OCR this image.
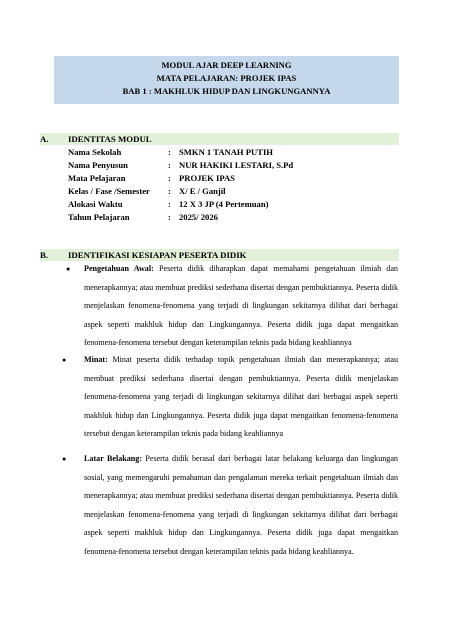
MODUL AJAR DEEP LEARNING
MATA PELAJARAN: PROJEK IPAS
BAB 1 : MAKHLUK HIDUP DAN LINGKUNGANNYA
A. IDENTITAS MODUL
Nama Sekolah	: SMKN 1 TANAH PUTIH
Nama Penyusun	: NUR HAKIKI LESTARI, S.Pd
Mata Pelajaran	: PROJEK IPAS
Kelas / Fase /Semester : X/ E / Ganjil
Alokasi Waktu	: 12 X 3 JP (4 Pertemuan)
Tahun Pelajaran	: 2025/ 2026
B. IDENTIFIKASI KESIAPAN PESERTA DIDIK
● Pengetahuan Awal: Peserta didik diharapkan dapat memahami pengetahuan ilmiah dan menerapkannya; atau membuat prediksi sederhana disertai dengan pembuktiannya. Peserta didik menjelaskan fenomena-fenomena yang terjadi di lingkungan sekitarnya dilihat dari berbagai aspek seperti makhluk hidup dan Lingkungannya. Peserta didik juga dapat mengaitkan fenomena-fenomena tersebut dengan keterampilan teknis pada bidang keahliannya
● Minat: Minat peserta didik terhadap topik pengetahuan ilmiah dan menerapkannya; atau membuat prediksi sederhana disertai dengan pembuktiannya. Peserta didik menjelaskan fenomena-fenomena yang terjadi di lingkungan sekitarnya dilihat dari berbagai aspek seperti makhluk hidup dan Lingkungannya. Peserta didik juga dapat mengaitkan fenomena-fenomena tersebut dengan keterampilan teknis pada bidang keahliannya
● Latar Belakang: Peserta didik berasal dari berbagai latar belakang keluarga dan lingkungan sosial, yang memengaruhi pemahaman dan pengalaman mereka terkait pengetahuan ilmiah dan menerapkannya; atau membuat prediksi sederhana disertai dengan pembuktiannya. Peserta didik menjelaskan fenomena-fenomena yang terjadi di lingkungan sekitarnya dilihat dari berbagai aspek seperti makhluk hidup dan Lingkungannya. Peserta didik juga dapat mengaitkan fenomena-fenomena tersebut dengan keterampilan teknis pada bidang keahliannya.
